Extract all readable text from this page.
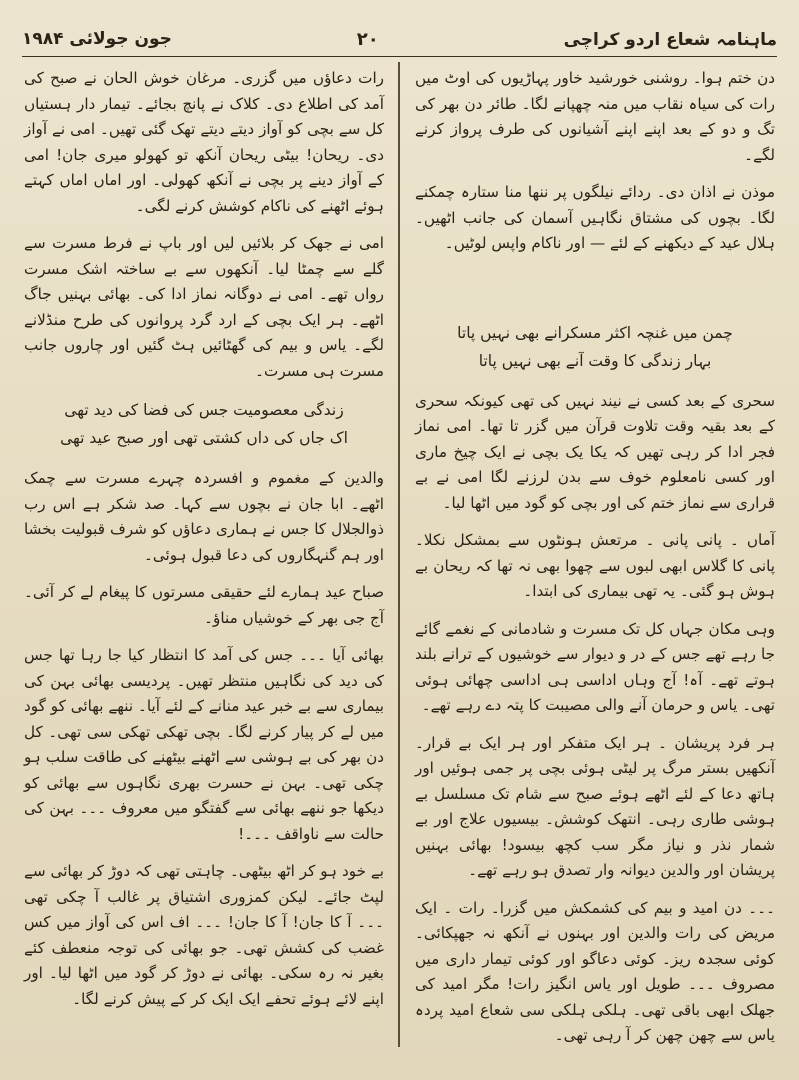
ماہنامہ شعاع اردو کراچی
۲۰
جون جولائی ۱۹۸۴

دن ختم ہوا۔ روشنی خورشید خاور پہاڑیوں کی اوٹ میں رات کی سیاہ نقاب میں منہ چھپانے لگا۔ طائر دن بھر کی تگ و دو کے بعد اپنے اپنے آشیانوں کی طرف پرواز کرنے لگے۔

موذن نے اذان دی۔ ردائے نیلگوں پر ننھا منا ستارہ چمکنے لگا۔ بچوں کی مشتاق نگاہیں آسمان کی جانب اٹھیں۔ ہلال عید کے دیکھنے کے لئے — اور ناکام واپس لوٹیں۔

چمن میں غنچہ اکثر مسکرانے بھی نہیں پاتا
بہار زندگی کا وقت آنے بھی نہیں پاتا

سحری کے بعد کسی نے نیند نہیں کی تھی کیونکہ سحری کے بعد بقیہ وقت تلاوت قرآن میں گزر تا تھا۔ امی نماز فجر ادا کر رہی تھیں کہ یکا یک بچی نے ایک چیخ ماری اور کسی نامعلوم خوف سے بدن لرزنے لگا امی نے بے قراری سے نماز ختم کی اور بچی کو گود میں اٹھا لیا۔

آماں ۔ پانی پانی ۔ مرتعش ہونٹوں سے بمشکل نکلا۔ پانی کا گلاس ابھی لبوں سے چھوا بھی نہ تھا کہ ریحان بے ہوش ہو گئی۔ یہ تھی بیماری کی ابتدا۔

وہی مکان جہاں کل تک مسرت و شادمانی کے نغمے گائے جا رہے تھے جس کے در و دیوار سے خوشیوں کے ترانے بلند ہوتے تھے۔ آہ! آج وہاں اداسی ہی اداسی چھائی ہوئی تھی۔ یاس و حرمان آنے والی مصیبت کا پتہ دے رہے تھے۔

ہر فرد پریشان ۔ ہر ایک متفکر اور ہر ایک بے قرار۔ آنکھیں بستر مرگ پر لیٹی ہوئی بچی پر جمی ہوئیں اور ہاتھ دعا کے لئے اٹھے ہوئے صبح سے شام تک مسلسل بے ہوشی طاری رہی۔ انتھک کوشش۔ بیسیوں علاج اور بے شمار نذر و نیاز مگر سب کچھ بیسود! بھائی بہنیں پریشان اور والدین دیوانہ وار تصدق ہو رہے تھے۔

۔۔۔ دن امید و بیم کی کشمکش میں گزرا۔ رات ۔ ایک مریض کی رات والدین اور بہنوں نے آنکھ نہ جھپکائی۔ کوئی سجدہ ریز۔ کوئی دعاگو اور کوئی تیمار داری میں مصروف ۔۔۔ طویل اور یاس انگیز رات! مگر امید کی جھلک ابھی باقی تھی۔ ہلکی ہلکی سی شعاع امید پردہ یاس سے چھن چھن کر آ رہی تھی۔

رات دعاؤں میں گزری۔ مرغان خوش الحان نے صبح کی آمد کی اطلاع دی۔ کلاک نے پانچ بجائے۔ تیمار دار ہستیاں کل سے بچی کو آواز دیتے دیتے تھک گئی تھیں۔ امی نے آواز دی۔ ریحان! بیٹی ریحان آنکھ تو کھولو میری جان! امی کے آواز دینے پر بچی نے آنکھ کھولی۔ اور اماں اماں کہتے ہوئے اٹھنے کی ناکام کوشش کرنے لگی۔

امی نے جھک کر بلائیں لیں اور باپ نے فرط مسرت سے گلے سے چمٹا لیا۔ آنکھوں سے بے ساختہ اشک مسرت رواں تھے۔ امی نے دوگانہ نماز ادا کی۔ بھائی بہنیں جاگ اٹھے۔ ہر ایک بچی کے ارد گرد پروانوں کی طرح منڈلانے لگے۔ یاس و بیم کی گھٹائیں ہٹ گئیں اور چاروں جانب مسرت ہی مسرت۔

زندگی معصومیت جس کی فضا کی دید تھی
اک جاں کی داں کشتی تھی اور صبح عید تھی

والدین کے مغموم و افسردہ چہرے مسرت سے چمک اٹھے۔ ابا جان نے بچوں سے کہا۔ صد شکر ہے اس رب ذوالجلال کا جس نے ہماری دعاؤں کو شرف قبولیت بخشا اور ہم گنہگاروں کی دعا قبول ہوئی۔

صباح عید ہمارے لئے حقیقی مسرتوں کا پیغام لے کر آئی۔ آج جی بھر کے خوشیاں مناؤ۔

بھائی آیا ۔۔۔ جس کی آمد کا انتظار کیا جا رہا تھا جس کی دید کی نگاہیں منتظر تھیں۔ پردیسی بھائی بہن کی بیماری سے بے خبر عید منانے کے لئے آیا۔ ننھے بھائی کو گود میں لے کر پیار کرنے لگا۔ بچی تھکی تھکی سی تھی۔ کل دن بھر کی بے ہوشی سے اٹھنے بیٹھنے کی طاقت سلب ہو چکی تھی۔ بہن نے حسرت بھری نگاہوں سے بھائی کو دیکھا جو ننھے بھائی سے گفتگو میں معروف ۔۔۔ بہن کی حالت سے ناواقف ۔۔۔!

بے خود ہو کر اٹھ بیٹھی۔ چاہتی تھی کہ دوڑ کر بھائی سے لپٹ جائے۔ لیکن کمزوری اشتیاق پر غالب آ چکی تھی ۔۔۔ آ کا جان! آ کا جان! ۔۔۔ اف اس کی آواز میں کس غضب کی کشش تھی۔ جو بھائی کی توجہ منعطف کئے بغیر نہ رہ سکی۔ بھائی نے دوڑ کر گود میں اٹھا لیا۔ اور اپنے لائے ہوئے تحفے ایک ایک کر کے پیش کرنے لگا۔
